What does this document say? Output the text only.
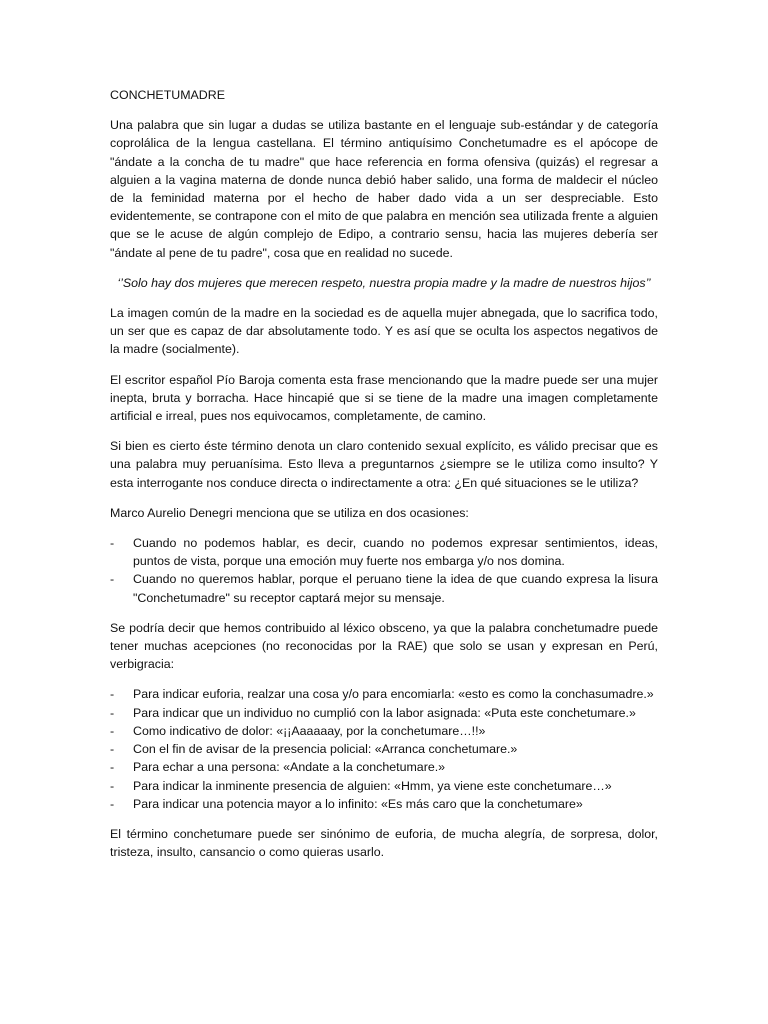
CONCHETUMADRE

Una palabra que sin lugar a dudas se utiliza bastante en el lenguaje sub-estándar y de categoría coprolálica de la lengua castellana. El término antiquísimo Conchetumadre es el apócope de "ándate a la concha de tu madre" que hace referencia en forma ofensiva (quizás) el regresar a alguien a la vagina materna de donde nunca debió haber salido, una forma de maldecir el núcleo de la feminidad materna por el hecho de haber dado vida a un ser despreciable. Esto evidentemente, se contrapone con el mito de que palabra en mención sea utilizada frente a alguien que se le acuse de algún complejo de Edipo, a contrario sensu, hacia las mujeres debería ser "ándate al pene de tu padre", cosa que en realidad no sucede.

‘’Solo hay dos mujeres que merecen respeto, nuestra propia madre y la madre de nuestros hijos’’

La imagen común de la madre en la sociedad es de aquella mujer abnegada, que lo sacrifica todo, un ser que es capaz de dar absolutamente todo. Y es así que se oculta los aspectos negativos de la madre (socialmente).

El escritor español Pío Baroja comenta esta frase mencionando que la madre puede ser una mujer inepta, bruta y borracha. Hace hincapié que si se tiene de la madre una imagen completamente artificial e irreal, pues nos equivocamos, completamente, de camino.

Si bien es cierto éste término denota un claro contenido sexual explícito, es válido precisar que es una palabra muy peruanísima. Esto lleva a preguntarnos ¿siempre se le utiliza como insulto? Y esta interrogante nos conduce directa o indirectamente a otra: ¿En qué situaciones se le utiliza?

Marco Aurelio Denegri menciona que se utiliza en dos ocasiones:

- Cuando no podemos hablar, es decir, cuando no podemos expresar sentimientos, ideas, puntos de vista, porque una emoción muy fuerte nos embarga y/o nos domina.
- Cuando no queremos hablar, porque el peruano tiene la idea de que cuando expresa la lisura "Conchetumadre" su receptor captará mejor su mensaje.

Se podría decir que hemos contribuido al léxico obsceno, ya que la palabra conchetumadre puede tener muchas acepciones (no reconocidas por la RAE) que solo se usan y expresan en Perú, verbigracia:

- Para indicar euforia, realzar una cosa y/o para encomiarla: «esto es como la conchasumadre.»
- Para indicar que un individuo no cumplió con la labor asignada: «Puta este conchetumare.»
- Como indicativo de dolor: «¡¡Aaaaaay, por la conchetumare…!!»
- Con el fin de avisar de la presencia policial: «Arranca conchetumare.»
- Para echar a una persona: «Andate a la conchetumare.»
- Para indicar la inminente presencia de alguien: «Hmm, ya viene este conchetumare…»
- Para indicar una potencia mayor a lo infinito: «Es más caro que la conchetumare»

El término conchetumare puede ser sinónimo de euforia, de mucha alegría, de sorpresa, dolor, tristeza, insulto, cansancio o como quieras usarlo.
